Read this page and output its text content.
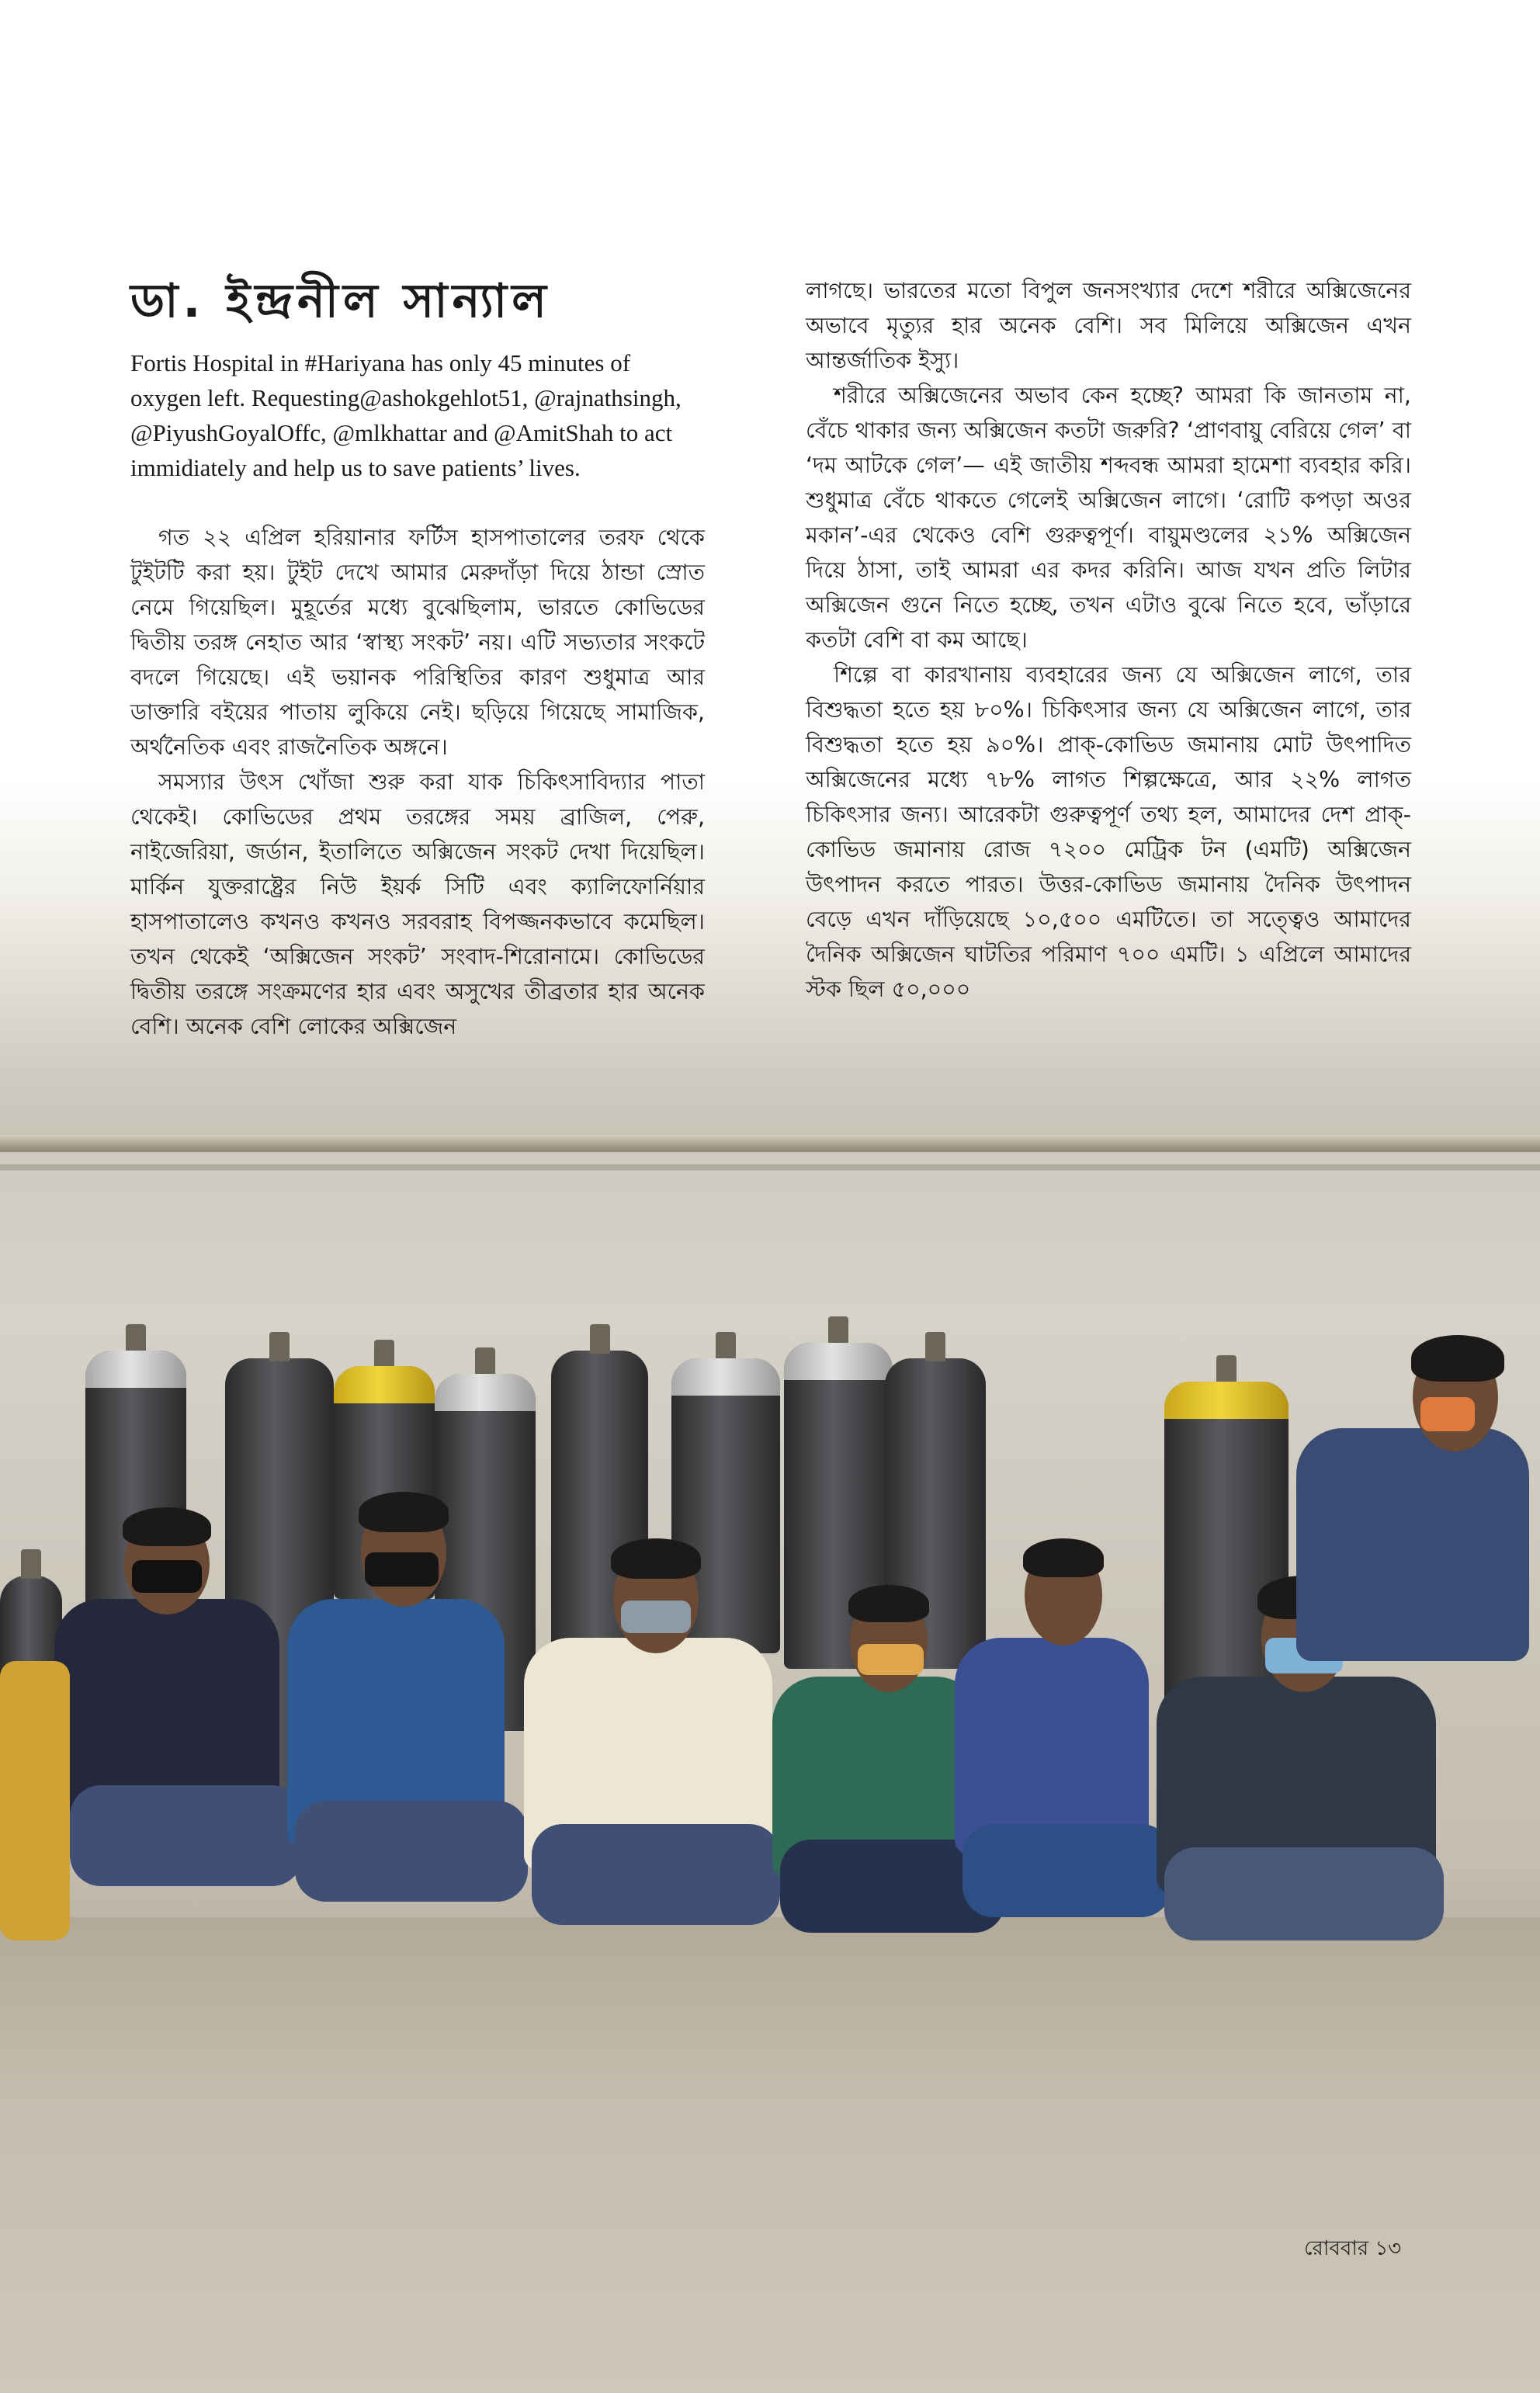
ডা. ইন্দ্রনীল সান্যাল

Fortis Hospital in #Hariyana has only 45 minutes of oxygen left. Requesting@ashokgehlot51, @rajnathsingh, @PiyushGoyalOffc, @mlkhattar and @AmitShah to act immidiately and help us to save patients’ lives.

গত ২২ এপ্রিল হরিয়ানার ফর্টিস হাসপাতালের তরফ থেকে টুইটটি করা হয়। টুইট দেখে আমার মেরুদাঁড়া দিয়ে ঠান্ডা স্রোত নেমে গিয়েছিল। মুহূর্তের মধ্যে বুঝেছিলাম, ভারতে কোভিডের দ্বিতীয় তরঙ্গ নেহাত আর ‘স্বাস্থ্য সংকট’ নয়। এটি সভ্যতার সংকটে বদলে গিয়েছে। এই ভয়ানক পরিস্থিতির কারণ শুধুমাত্র আর ডাক্তারি বইয়ের পাতায় লুকিয়ে নেই। ছড়িয়ে গিয়েছে সামাজিক, অর্থনৈতিক এবং রাজনৈতিক অঙ্গনে।

সমস্যার উৎস খোঁজা শুরু করা যাক চিকিৎসাবিদ্যার পাতা থেকেই। কোভিডের প্রথম তরঙ্গের সময় ব্রাজিল, পেরু, নাইজেরিয়া, জর্ডান, ইতালিতে অক্সিজেন সংকট দেখা দিয়েছিল। মার্কিন যুক্তরাষ্ট্রের নিউ ইয়র্ক সিটি এবং ক্যালিফোর্নিয়ার হাসপাতালেও কখনও কখনও সরবরাহ বিপজ্জনকভাবে কমেছিল। তখন থেকেই ‘অক্সিজেন সংকট’ সংবাদ-শিরোনামে। কোভিডের দ্বিতীয় তরঙ্গে সংক্রমণের হার এবং অসুখের তীব্রতার হার অনেক বেশি। অনেক বেশি লোকের অক্সিজেন

লাগছে। ভারতের মতো বিপুল জনসংখ্যার দেশে শরীরে অক্সিজেনের অভাবে মৃত্যুর হার অনেক বেশি। সব মিলিয়ে অক্সিজেন এখন আন্তর্জাতিক ইস্যু।

শরীরে অক্সিজেনের অভাব কেন হচ্ছে? আমরা কি জানতাম না, বেঁচে থাকার জন্য অক্সিজেন কতটা জরুরি? ‘প্রাণবায়ু বেরিয়ে গেল’ বা ‘দম আটকে গেল’— এই জাতীয় শব্দবন্ধ আমরা হামেশা ব্যবহার করি। শুধুমাত্র বেঁচে থাকতে গেলেই অক্সিজেন লাগে। ‘রোটি কপড়া অওর মকান’-এর থেকেও বেশি গুরুত্বপূর্ণ। বায়ুমণ্ডলের ২১% অক্সিজেন দিয়ে ঠাসা, তাই আমরা এর কদর করিনি। আজ যখন প্রতি লিটার অক্সিজেন গুনে নিতে হচ্ছে, তখন এটাও বুঝে নিতে হবে, ভাঁড়ারে কতটা বেশি বা কম আছে।

শিল্পে বা কারখানায় ব্যবহারের জন্য যে অক্সিজেন লাগে, তার বিশুদ্ধতা হতে হয় ৮০%। চিকিৎসার জন্য যে অক্সিজেন লাগে, তার বিশুদ্ধতা হতে হয় ৯০%। প্রাক্-কোভিড জমানায় মোট উৎপাদিত অক্সিজেনের মধ্যে ৭৮% লাগত শিল্পক্ষেত্রে, আর ২২% লাগত চিকিৎসার জন্য। আরেকটা গুরুত্বপূর্ণ তথ্য হল, আমাদের দেশ প্রাক্-কোভিড জমানায় রোজ ৭২০০ মেট্রিক টন (এমটি) অক্সিজেন উৎপাদন করতে পারত। উত্তর-কোভিড জমানায় দৈনিক উৎপাদন বেড়ে এখন দাঁড়িয়েছে ১০,৫০০ এমটিতে। তা সত্ত্বেও আমাদের দৈনিক অক্সিজেন ঘাটতির পরিমাণ ৭০০ এমটি। ১ এপ্রিলে আমাদের স্টক ছিল ৫০,০০০

রোববার ১৩
